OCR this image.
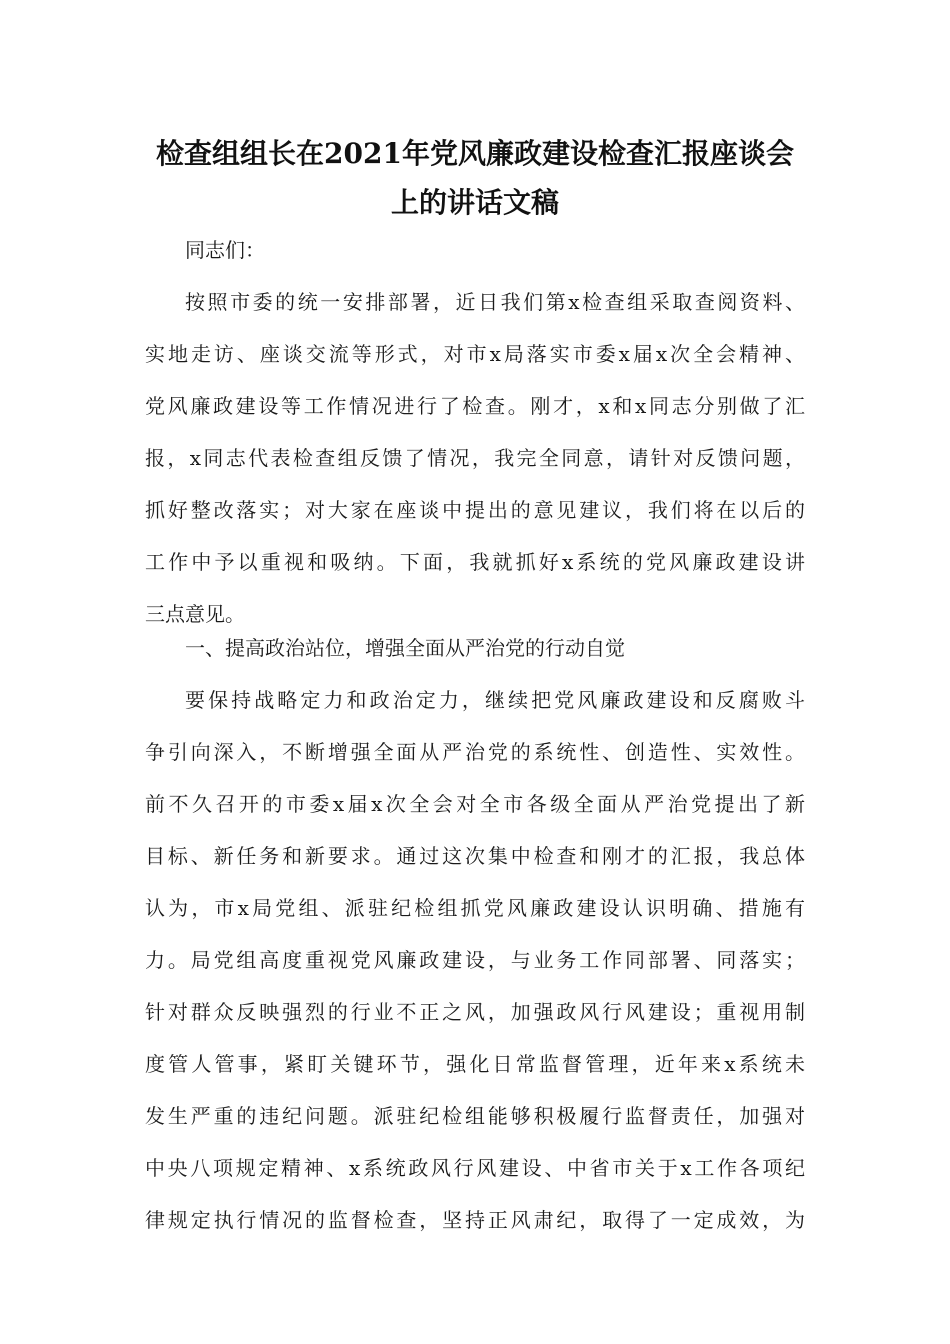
检查组组长在2021年党风廉政建设检查汇报座谈会
上的讲话文稿
同志们：
按照市委的统一安排部署，近日我们第x检查组采取查阅资料、
实地走访、座谈交流等形式，对市x局落实市委x届x次全会精神、
党风廉政建设等工作情况进行了检查。刚才，x和x同志分别做了汇
报，x同志代表检查组反馈了情况，我完全同意，请针对反馈问题，
抓好整改落实；对大家在座谈中提出的意见建议，我们将在以后的
工作中予以重视和吸纳。下面，我就抓好x系统的党风廉政建设讲
三点意见。
一、提高政治站位，增强全面从严治党的行动自觉
要保持战略定力和政治定力，继续把党风廉政建设和反腐败斗
争引向深入，不断增强全面从严治党的系统性、创造性、实效性。
前不久召开的市委x届x次全会对全市各级全面从严治党提出了新
目标、新任务和新要求。通过这次集中检查和刚才的汇报，我总体
认为，市x局党组、派驻纪检组抓党风廉政建设认识明确、措施有
力。局党组高度重视党风廉政建设，与业务工作同部署、同落实；
针对群众反映强烈的行业不正之风，加强政风行风建设；重视用制
度管人管事，紧盯关键环节，强化日常监督管理，近年来x系统未
发生严重的违纪问题。派驻纪检组能够积极履行监督责任，加强对
中央八项规定精神、x系统政风行风建设、中省市关于x工作各项纪
律规定执行情况的监督检查，坚持正风肃纪，取得了一定成效，为
